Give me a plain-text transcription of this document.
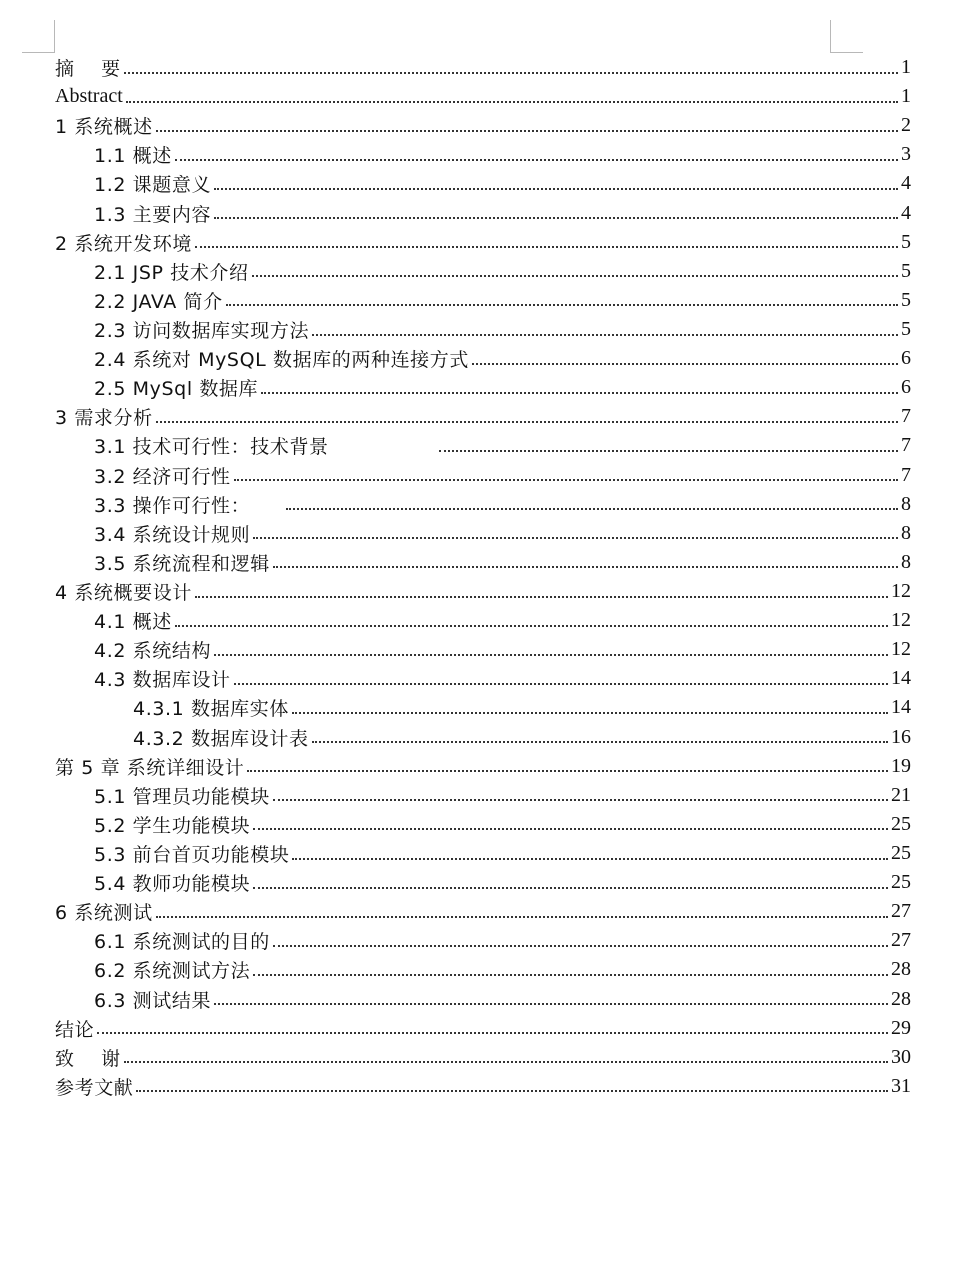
摘    要	1
Abstract	1
1 系统概述	2
1.1 概述	3
1.2 课题意义	4
1.3 主要内容	4
2 系统开发环境	5
2.1 JSP 技术介绍	5
2.2 JAVA 简介	5
2.3 访问数据库实现方法	5
2.4 系统对 MySQL 数据库的两种连接方式	6
2.5 MySql 数据库	6
3 需求分析	7
3.1 技术可行性：技术背景	7
3.2 经济可行性	7
3.3 操作可行性：	8
3.4 系统设计规则	8
3.5 系统流程和逻辑	8
4 系统概要设计	12
4.1 概述	12
4.2 系统结构	12
4.3 数据库设计	14
4.3.1 数据库实体	14
4.3.2 数据库设计表	16
第 5 章 系统详细设计	19
5.1 管理员功能模块	21
5.2 学生功能模块	25
5.3 前台首页功能模块	25
5.4 教师功能模块	25
6 系统测试	27
6.1 系统测试的目的	27
6.2 系统测试方法	28
6.3 测试结果	28
结论	29
致    谢	30
参考文献	31
